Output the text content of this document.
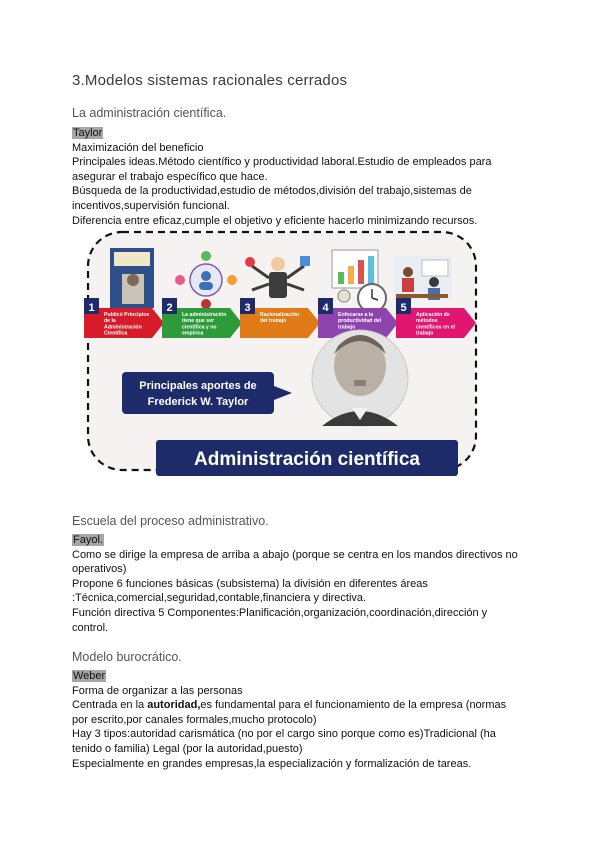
3.Modelos sistemas racionales cerrados
La administración científica.

Taylor

Maximización del beneficio

Principales ideas.Método científico y productividad laboral.Estudio de empleados para asegurar el trabajo específico que hace.

Búsqueda de la productividad,estudio de métodos,división del trabajo,sistemas de incentivos,supervisión funcional.

Diferencia entre eficaz,cumple el objetivo y eficiente hacerlo minimizando recursos.

1
Publicó Principios
de la
Administración
Científica
2
La administración
tiene que ser
científica y no
empírica
3
Racionalización
del trabajo
4
Enfocarse a la
productividad del
trabajo
5
Aplicación de
métodos
científicos en el
trabajo
Principales aportes de
Frederick W. Taylor
Administración científica
Escuela del proceso administrativo.

Fayol.

Como se dirige la empresa de arriba a abajo (porque se centra en los mandos directivos no operativos)

Propone 6 funciones básicas (subsistema) la división en diferentes áreas

:Técnica,comercial,seguridad,contable,financiera y directiva.

Función directiva 5 Componentes:Planificación,organización,coordinación,dirección y control.

Modelo burocrático.

Weber

Forma de organizar a las personas

Centrada en la autoridad,es fundamental para el funcionamiento de la empresa (normas por escrito,por canales formales,mucho protocolo)

Hay 3 tipos:autoridad carismática (no por el cargo sino porque como es)Tradicional (ha tenido o familia) Legal (por la autoridad,puesto)

Especialmente en grandes empresas,la especialización y formalización de tareas.
